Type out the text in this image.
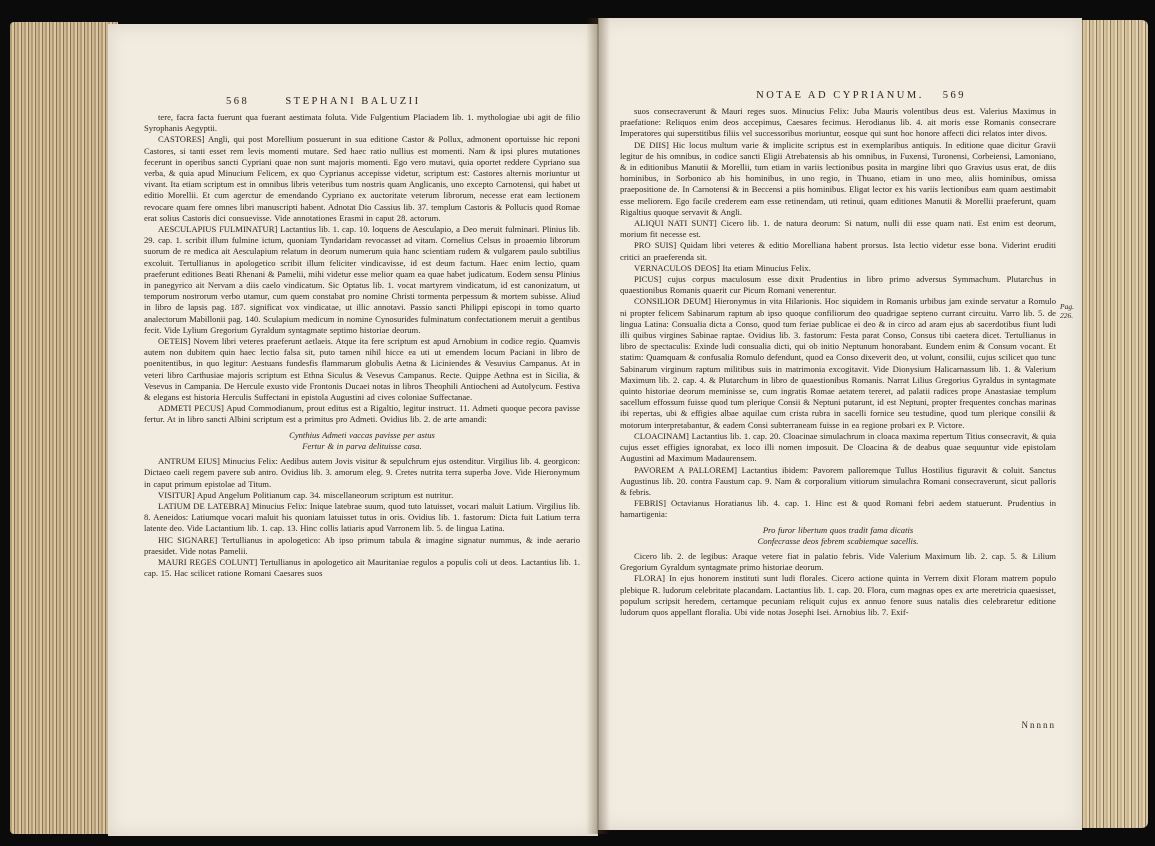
568	STEPHANI BALUZII

tere, facra facta fuerunt qua fuerant aestimata foluta. Vide Fulgentium Placiadem lib. 1. mythologiae ubi agit de filio Syrophanis Aegyptii.

CASTORES] Angli, qui post Morellium posuerunt in sua editione Castor & Pollux, admonent oportuisse hic reponi Castores, si tanti esset rem levis momenti mutare. Sed haec ratio nullius est momenti. Nam & ipsi plures mutationes fecerunt in operibus sancti Cypriani quae non sunt majoris momenti. Ego vero mutavi, quia oportet reddere Cypriano sua verba, & quia apud Minucium Felicem, ex quo Cyprianus accepisse videtur, scriptum est: Castores alternis moriuntur ut vivant. Ita etiam scriptum est in omnibus libris veteribus tum nostris quam Anglicanis, uno excepto Carnotensi, qui habet ut editio Morellii. Et cum agerctur de emendando Cypriano ex auctoritate veterum librorum, necesse erat eam lectionem revocare quam fere omnes libri manuscripti habent. Adnotat Dio Cassius lib. 37. templum Castoris & Pollucis quod Romae erat solius Castoris dici consuevisse. Vide annotationes Erasmi in caput 28. actorum.

AESCULAPIUS FULMINATUR] Lactantius lib. 1. cap. 10. loquens de Aesculapio, a Deo meruit fulminari. Plinius lib. 29. cap. 1. scribit illum fulmine ictum, quoniam Tyndaridam revocasset ad vitam. Cornelius Celsus in proaemio librorum suorum de re medica ait Aesculapium relatum in deorum numerum quia hanc scientiam rudem & vulgarem paulo subtilius excoluit. Tertullianus in apologetico scribit illum feliciter vindicavisse, id est deum factum. Haec enim lectio, quam praeferunt editiones Beati Rhenani & Pamelii, mihi videtur esse melior quam ea quae habet judicatum. Eodem sensu Plinius in panegyrico ait Nervam a diis caelo vindicatum. Sic Optatus lib. 1. vocat martyrem vindicatum, id est canonizatum, ut temporum nostrorum verbo utamur, cum quem constabat pro nomine Christi tormenta perpessum & mortem subisse. Aliud in libro de lapsis pag. 187. significat vox vindicatae, ut illic annotavi. Passio sancti Philippi episcopi in tomo quarto analectorum Mabillonii pag. 140. Sculapium medicum in nomine Cynosurides fulminatum confectationem meruit a gentibus fecit. Vide Lylium Gregorium Gyraldum syntagmate septimo historiae deorum.

OETEIS] Novem libri veteres praeferunt aetlaeis. Atque ita fere scriptum est apud Arnobium in codice regio. Quamvis autem non dubitem quin haec lectio falsa sit, puto tamen nihil hicce ea uti ut emendem locum Paciani in libro de poenitentibus, in quo legitur: Aestuans fundesfis flammarum globulis Aetna & Liciniendes & Vesuvius Campanus. At in veteri libro Carthusiae majoris scriptum est Ethna Siculus & Vesevus Campanus. Recte. Quippe Aethna est in Sicilia, & Vesevus in Campania. De Hercule exusto vide Frontonis Ducaei notas in libros Theophili Antiocheni ad Autolycum. Festiva & elegans est historia Herculis Suffectani in epistola Augustini ad cives coloniae Suffectanae.

ADMETI PECUS] Apud Commodianum, prout editus est a Rigaltio, legitur instruct. 11. Admeti quoque pecora pavisse fertur. At in libro sancti Albini scriptum est a primitus pro Admeti. Ovidius lib. 2. de arte amandi:

Cynthius Admeti vaccas pavisse per astus
Fertur & in parva delituisse casa.

ANTRUM EIUS] Minucius Felix: Aedibus autem Jovis visitur & sepulchrum ejus ostenditur. Virgilius lib. 4. georgicon: Dictaeo caeli regem pavere sub antro. Ovidius lib. 3. amorum eleg. 9. Cretes nutrita terra superba Jove. Vide Hieronymum in caput primum epistolae ad Titum.

VISITUR] Apud Angelum Politianum cap. 34. miscellaneorum scriptum est nutritur.

LATIUM DE LATEBRA] Minucius Felix: Inique latebrae suum, quod tuto latuisset, vocari maluit Latium. Virgilius lib. 8. Aeneidos: Latiumque vocari maluit his quoniam latuisset tutus in oris. Ovidius lib. 1. fastorum: Dicta fuit Latium terra latente deo. Vide Lactantium lib. 1. cap. 13. Hinc collis latiaris apud Varronem lib. 5. de lingua Latina.

HIC SIGNARE] Tertullianus in apologetico: Ab ipso primum tabula & imagine signatur nummus, & inde aerario praesidet. Vide notas Pamelii.

MAURI REGES COLUNT] Tertullianus in apologetico ait Mauritaniae regulos a populis coli ut deos. Lactantius lib. 1. cap. 15. Hac scilicet ratione Romani Caesares suos

NOTAE AD CYPRIANUM.	569

suos consecraverunt & Mauri reges suos. Minucius Felix: Juba Mauris volentibus deus est. Valerius Maximus in praefatione: Reliquos enim deos accepimus, Caesares fecimus. Herodianus lib. 4. ait moris esse Romanis consecrare Imperatores qui superstitibus filiis vel successoribus moriuntur, eosque qui sunt hoc honore affecti dici relatos inter divos.

DE DIIS] Hic locus multum varie & implicite scriptus est in exemplaribus antiquis. In editione quae dicitur Gravii legitur de his omnibus, in codice sancti Eligii Atrebatensis ab his omnibus, in Fuxensi, Turonensi, Corbeiensi, Lamoniano, & in editionibus Manutii & Morellii, tum etiam in variis lectionibus posita in margine libri quo Gravius usus erat, de diis hominibus, in Sorbonico ab his hominibus, in uno regio, in Thuano, etiam in uno meo, aliis hominibus, omissa praepositione de. In Carnotensi & in Beccensi a piis hominibus. Eligat lector ex his variis lectionibus eam quam aestimabit esse meliorem. Ego facile crederem eam esse retinendam, uti retinui, quam editiones Manutii & Morellii praeferunt, quam Rigaltius quoque servavit & Angli.

ALIQUI NATI SUNT] Cicero lib. 1. de natura deorum: Si natum, nulli dii esse quam nati. Est enim est deorum, morium fit necesse est.

PRO SUIS] Quidam libri veteres & editio Morelliana habent prorsus. Ista lectio videtur esse bona. Viderint eruditi critici an praeferenda sit.

VERNACULOS DEOS] Ita etiam Minucius Felix.

PICUS] cujus corpus maculosum esse dixit Prudentius in libro primo adversus Symmachum. Plutarchus in quaestionibus Romanis quaerit cur Picum Romani venerentur.

CONSILIOR DEUM] Hieronymus in vita Hilarionis. Hoc siquidem in Romanis urbibus jam exinde servatur a Romulo ni propter felicem Sabinarum raptum ab ipso quoque confiliorum deo quadrigae septeno currant circuitu. Varro lib. 5. de lingua Latina: Consualia dicta a Conso, quod tum feriae publicae ei deo & in circo ad aram ejus ab sacerdotibus fiunt ludi illi quibus virgines Sabinae raptae. Ovidius lib. 3. fastorum: Festa parat Conso, Consus tibi caetera dicet. Tertullianus in libro de spectaculis: Exinde ludi consualia dicti, qui ob initio Neptunum honorabant. Eundem enim & Consum vocant. Et statim: Quamquam & confusalia Romulo defendunt, quod ea Conso dixeverit deo, ut volunt, consilii, cujus scilicet quo tunc Sabinarum virginum raptum militibus suis in matrimonia excogitavit. Vide Dionysium Halicarnassum lib. 1. & Valerium Maximum lib. 2. cap. 4. & Plutarchum in libro de quaestionibus Romanis. Narrat Lilius Gregorius Gyraldus in syntagmate quinto historiae deorum meminisse se, cum ingratis Romae aetatem tereret, ad palatii radices prope Anastasiae templum sacellum effossum fuisse quod tum plerique Consii & Neptuni putarunt, id est Neptuni, propter frequentes conchas marinas ibi repertas, ubi & effigies albae aquilae cum crista rubra in sacelli fornice seu testudine, quod tum plerique consilii & motorum interpretabantur, & eadem Consi subterraneam fuisse in ea regione probari ex P. Victore.

CLOACINAM] Lactantius lib. 1. cap. 20. Cloacinae simulachrum in cloaca maxima repertum Titius consecravit, & quia cujus esset effigies ignorabat, ex loco illi nomen imposuit. De Cloacina & de deabus quae sequuntur vide epistolam Augustini ad Maximum Madaurensem.

PAVOREM A PALLOREM] Lactantius ibidem: Pavorem palloremque Tullus Hostilius figuravit & coluit. Sanctus Augustinus lib. 20. contra Faustum cap. 9. Nam & corporalium vitiorum simulachra Romani consecraverunt, sicut palloris & febris.

FEBRIS] Octavianus Horatianus lib. 4. cap. 1. Hinc est & quod Romani febri aedem statuerunt. Prudentius in hamartigenia:

Pro furor libertum quos tradit fama dicatis
Confecrasse deos febrem scabiemque sacellis.

Cicero lib. 2. de legibus: Araque vetere fiat in palatio febris. Vide Valerium Maximum lib. 2. cap. 5. & Lilium Gregorium Gyraldum syntagmate primo historiae deorum.

FLORA] In ejus honorem instituti sunt ludi florales. Cicero actione quinta in Verrem dixit Floram matrem populo plebique R. ludorum celebritate placandam. Lactantius lib. 1. cap. 20. Flora, cum magnas opes ex arte meretricia quaesisset, populum scripsit heredem, certamque pecuniam reliquit cujus ex annuo fenore suus natalis dies celebraretur editione ludorum quos appellant floralia. Ubi vide notas Josephi Isei. Arnobius lib. 7. Exif-

Pag. 226.
Nnnnn
